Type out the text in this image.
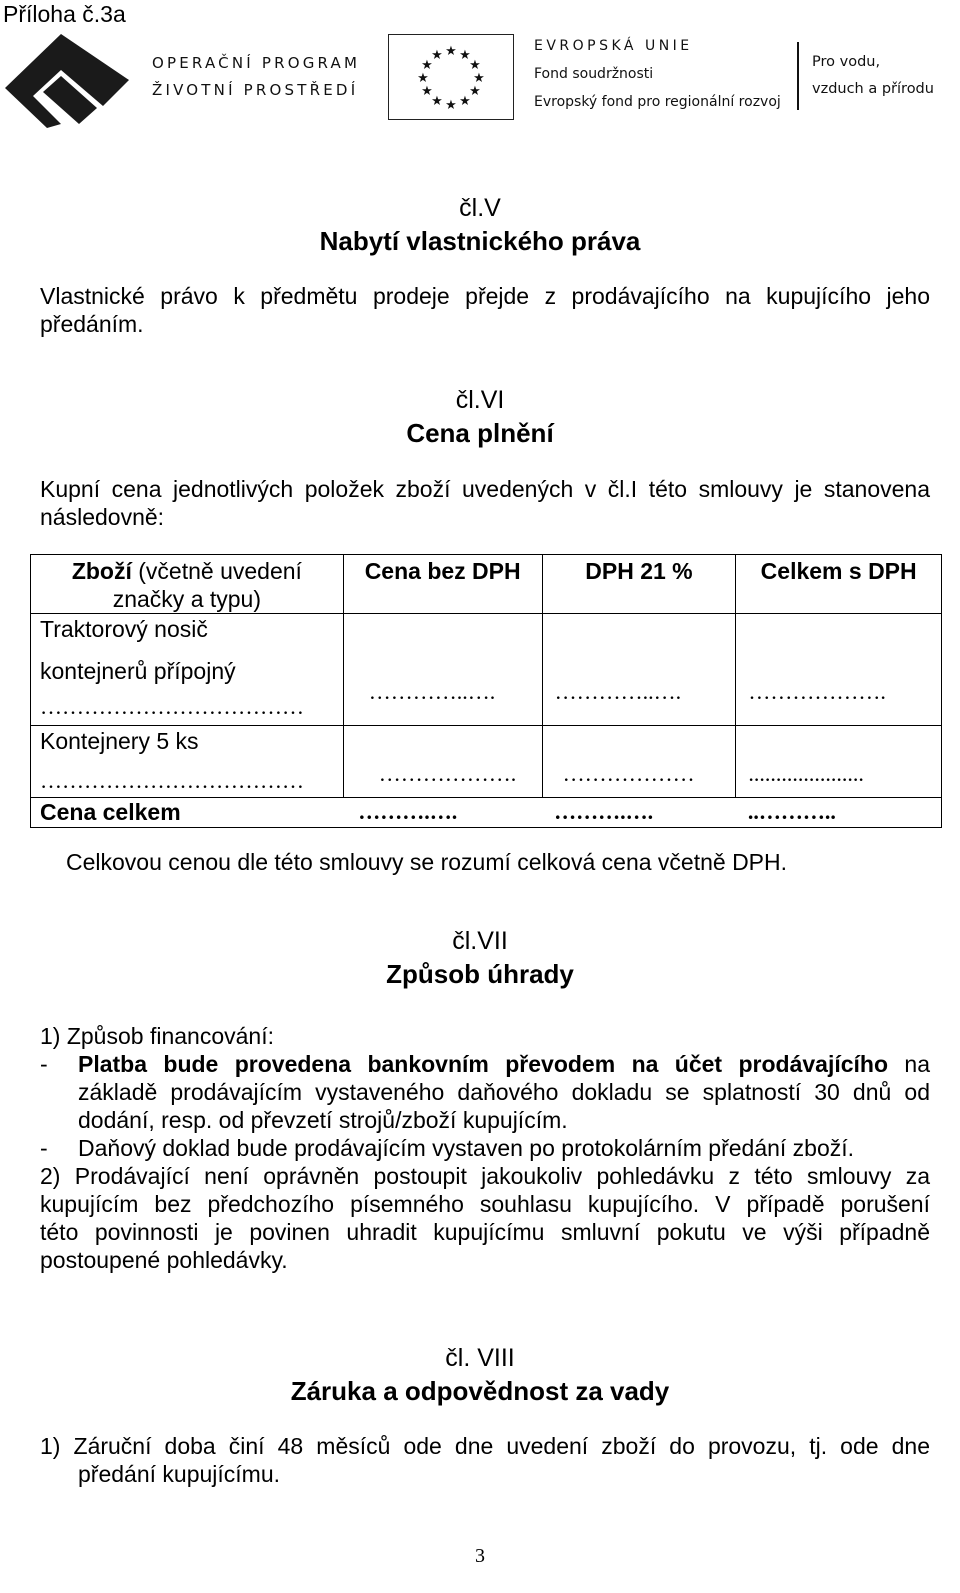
Příloha č.3a
OPERAČNÍ PROGRAM
ŽIVOTNÍ PROSTŘEDÍ
★ ★
★
★
★
★
★
★
★
★
★
★
EVROPSKÁ UNIE
Fond soudržnosti
Evropský fond pro regionální rozvoj
Pro vodu,
vzduch a přírodu
čl.V
Nabytí vlastnického práva
Vlastnické právo k předmětu prodeje přejde z prodávajícího na kupujícího jeho
předáním.
čl.VI
Cena plnění
Kupní cena jednotlivých položek zboží uvedených v čl.I této smlouvy je stanovena
následovně:
Zboží (včetně uvedení
značky a typu)	Cena bez DPH	DPH 21 %	Celkem s DPH

Traktorový nosič
kontejnerů přípojný
………………………………	…………..….	…………..….	……………….

Kontejnery 5 ks
………………………………	……………….	………………	.....................

Cena celkem	……….….	……….….	..………..
Celkovou cenou dle této smlouvy se rozumí celková cena včetně DPH.
čl.VII
Způsob úhrady
1) Způsob financování:
- Platba bude provedena bankovním převodem na účet prodávajícího na
základě prodávajícím vystaveného daňového dokladu se splatností 30 dnů od
dodání, resp. od převzetí strojů/zboží kupujícím.
- Daňový doklad bude prodávajícím vystaven po protokolárním předání zboží.
2) Prodávající není oprávněn postoupit jakoukoliv pohledávku z této smlouvy za
kupujícím bez předchozího písemného souhlasu kupujícího. V případě porušení
této povinnosti je povinen uhradit kupujícímu smluvní pokutu ve výši případně
postoupené pohledávky.
čl. VIII
Záruka a odpovědnost za vady
1) Záruční doba činí 48 měsíců ode dne uvedení zboží do provozu, tj. ode dne
předání kupujícímu.
3
